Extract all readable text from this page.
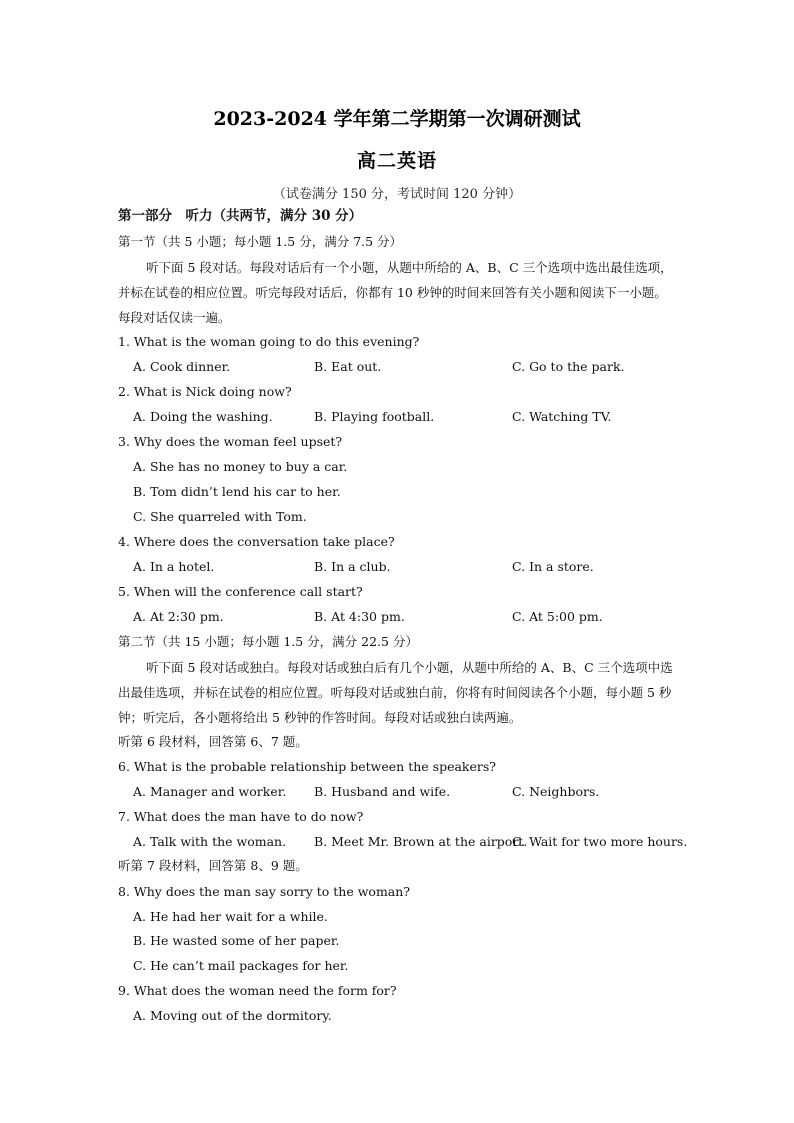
2023-2024 学年第二学期第一次调研测试
高二英语
（试卷满分 150 分，考试时间 120 分钟）
第一部分　听力（共两节，满分 30 分）
第一节（共 5 小题；每小题 1.5 分，满分 7.5 分）
听下面 5 段对话。每段对话后有一个小题，从题中所给的 A、B、C 三个选项中选出最佳选项，并标在试卷的相应位置。听完每段对话后，你都有 10 秒钟的时间来回答有关小题和阅读下一小题。每段对话仅读一遍。
1. What is the woman going to do this evening?
A. Cook dinner.	B. Eat out.	C. Go to the park.
2. What is Nick doing now?
A. Doing the washing.	B. Playing football.	C. Watching TV.
3. Why does the woman feel upset?
A. She has no money to buy a car.
B. Tom didn’t lend his car to her.
C. She quarreled with Tom.
4. Where does the conversation take place?
A. In a hotel.	B. In a club.	C. In a store.
5. When will the conference call start?
A. At 2:30 pm.	B. At 4:30 pm.	C. At 5:00 pm.
第二节（共 15 小题；每小题 1.5 分，满分 22.5 分）
听下面 5 段对话或独白。每段对话或独白后有几个小题，从题中所给的 A、B、C 三个选项中选出最佳选项，并标在试卷的相应位置。听每段对话或独白前，你将有时间阅读各个小题，每小题 5 秒钟；听完后，各小题将给出 5 秒钟的作答时间。每段对话或独白读两遍。
听第 6 段材料，回答第 6、7 题。
6. What is the probable relationship between the speakers?
A. Manager and worker. B. Husband and wife.	C. Neighbors.
7. What does the man have to do now?
A. Talk with the woman. B. Meet Mr. Brown at the airport.
C. Wait for two more hours.
听第 7 段材料，回答第 8、9 题。
8. Why does the man say sorry to the woman?
A. He had her wait for a while.
B. He wasted some of her paper.
C. He can’t mail packages for her.
9. What does the woman need the form for?
A. Moving out of the dormitory.
